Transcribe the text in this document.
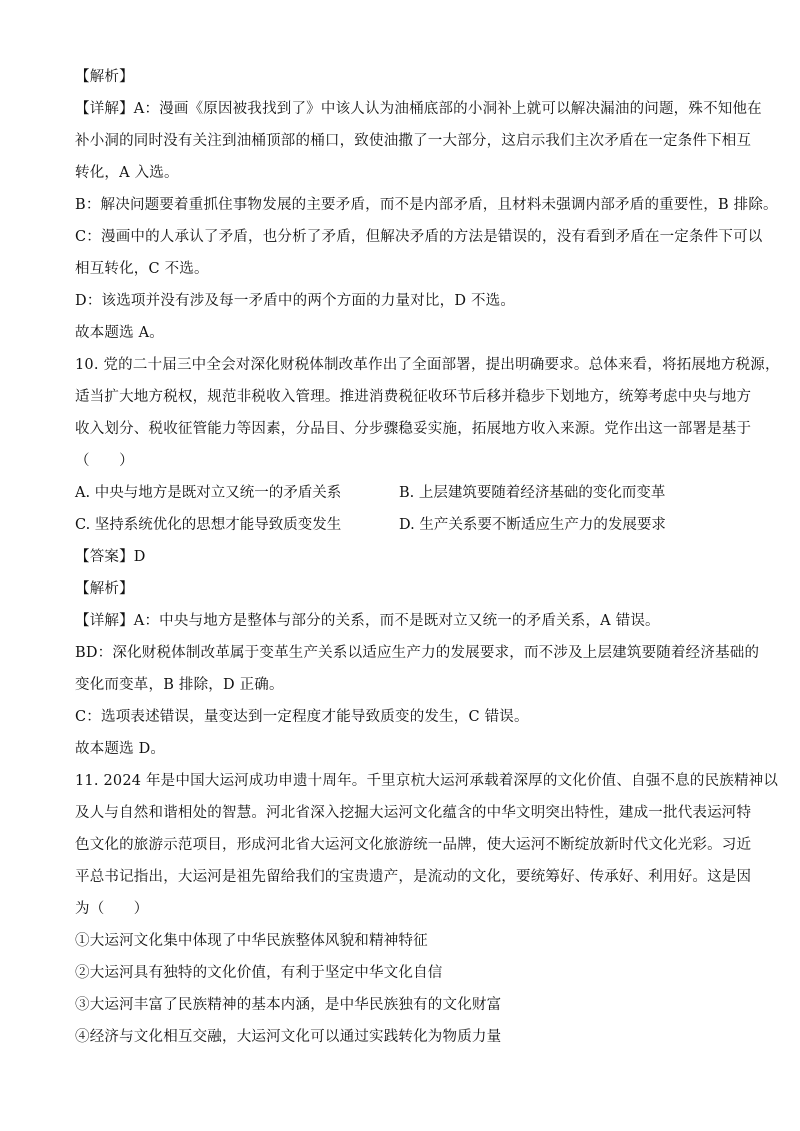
【解析】
【详解】A：漫画《原因被我找到了》中该人认为油桶底部的小洞补上就可以解决漏油的问题，殊不知他在
补小洞的同时没有关注到油桶顶部的桶口，致使油撒了一大部分，这启示我们主次矛盾在一定条件下相互
转化，A 入选。
B：解决问题要着重抓住事物发展的主要矛盾，而不是内部矛盾，且材料未强调内部矛盾的重要性，B 排除。
C：漫画中的人承认了矛盾，也分析了矛盾，但解决矛盾的方法是错误的，没有看到矛盾在一定条件下可以
相互转化，C 不选。
D：该选项并没有涉及每一矛盾中的两个方面的力量对比，D 不选。
故本题选 A。
10. 党的二十届三中全会对深化财税体制改革作出了全面部署，提出明确要求。总体来看，将拓展地方税源，
适当扩大地方税权，规范非税收入管理。推进消费税征收环节后移并稳步下划地方，统筹考虑中央与地方
收入划分、税收征管能力等因素，分品目、分步骤稳妥实施，拓展地方收入来源。党作出这一部署是基于
（　　）
A. 中央与地方是既对立又统一的矛盾关系	B. 上层建筑要随着经济基础的变化而变革
C. 坚持系统优化的思想才能导致质变发生	D. 生产关系要不断适应生产力的发展要求
【答案】D
【解析】
【详解】A：中央与地方是整体与部分的关系，而不是既对立又统一的矛盾关系，A 错误。
BD：深化财税体制改革属于变革生产关系以适应生产力的发展要求，而不涉及上层建筑要随着经济基础的
变化而变革，B 排除，D 正确。
C：选项表述错误，量变达到一定程度才能导致质变的发生，C 错误。
故本题选 D。
11. 2024 年是中国大运河成功申遗十周年。千里京杭大运河承载着深厚的文化价值、自强不息的民族精神以
及人与自然和谐相处的智慧。河北省深入挖掘大运河文化蕴含的中华文明突出特性，建成一批代表运河特
色文化的旅游示范项目，形成河北省大运河文化旅游统一品牌，使大运河不断绽放新时代文化光彩。习近
平总书记指出，大运河是祖先留给我们的宝贵遗产，是流动的文化，要统筹好、传承好、利用好。这是因
为（　　）
①大运河文化集中体现了中华民族整体风貌和精神特征
②大运河具有独特的文化价值，有利于坚定中华文化自信
③大运河丰富了民族精神的基本内涵，是中华民族独有的文化财富
④经济与文化相互交融，大运河文化可以通过实践转化为物质力量
